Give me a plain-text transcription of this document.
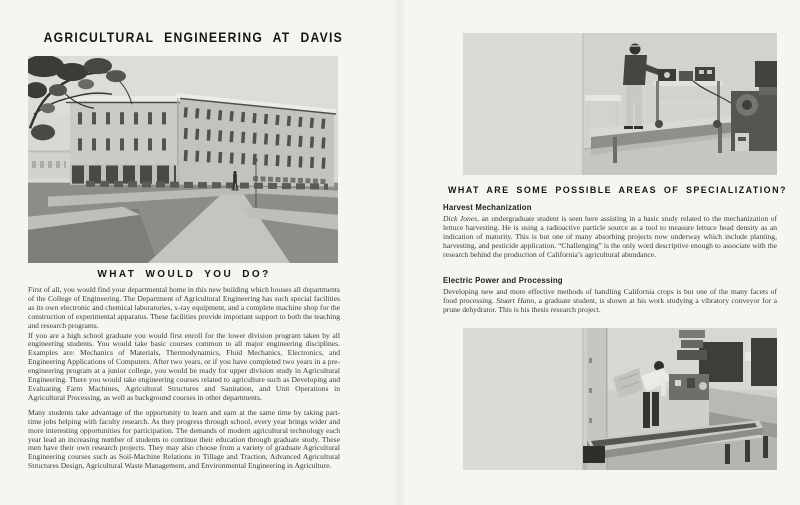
AGRICULTURAL ENGINEERING AT DAVIS
WHAT WOULD YOU DO?

First of all, you would find your departmental home in this new building which houses all departments of the College of Engineering. The Department of Agricultural Engineering has such special facilities as its own electronic and chemical laboratories, x-ray equipment, and a complete machine shop for the construction of experimental apparatus. These facilities provide important support to both the teaching and research programs.

If you are a high school graduate you would first enroll for the lower division program taken by all engineering students. You would take basic courses common to all major engineering disciplines. Examples are: Mechanics of Materials, Thermodynamics, Fluid Mechanics, Electronics, and Engineering Applications of Computers. After two years, or if you have completed two years in a pre-engineering program at a junior college, you would be ready for upper division study in Agricultural Engineering. There you would take engineering courses related to agriculture such as Developing and Evaluating Farm Machines, Agricultural Structures and Sanitation, and Unit Operations in Agricultural Processing, as well as background courses in other departments.

Many students take advantage of the opportunity to learn and earn at the same time by taking part-time jobs helping with faculty research. As they progress through school, every year brings wider and more interesting opportunities for participation. The demands of modern agricultural technology each year lead an increasing number of students to continue their education through graduate study. These men have their own research projects. They may also choose from a variety of graduate Agricultural Engineering courses such as Soil-Machine Relations in Tillage and Traction, Advanced Agricultural Structures Design, Agricultural Waste Management, and Environmental Engineering in Agriculture.

WHAT ARE SOME POSSIBLE AREAS OF SPECIALIZATION?
Harvest Mechanization

Dick Jones, an undergraduate student is seen here assisting in a basic study related to the mechanization of lettuce harvesting. He is using a radioactive particle source as a tool to measure lettuce head density as an indication of maturity. This is but one of many absorbing projects now underway which include planting, harvesting, and pesticide application. “Challenging” is the only word descriptive enough to associate with the research behind the production of California’s agricultural abundance.

Electric Power and Processing

Developing new and more effective methods of handling California crops is but one of the many facets of food processing. Stuart Hann, a graduate student, is shown at his work studying a vibratory conveyor for a prune dehydrator. This is his thesis research project.
